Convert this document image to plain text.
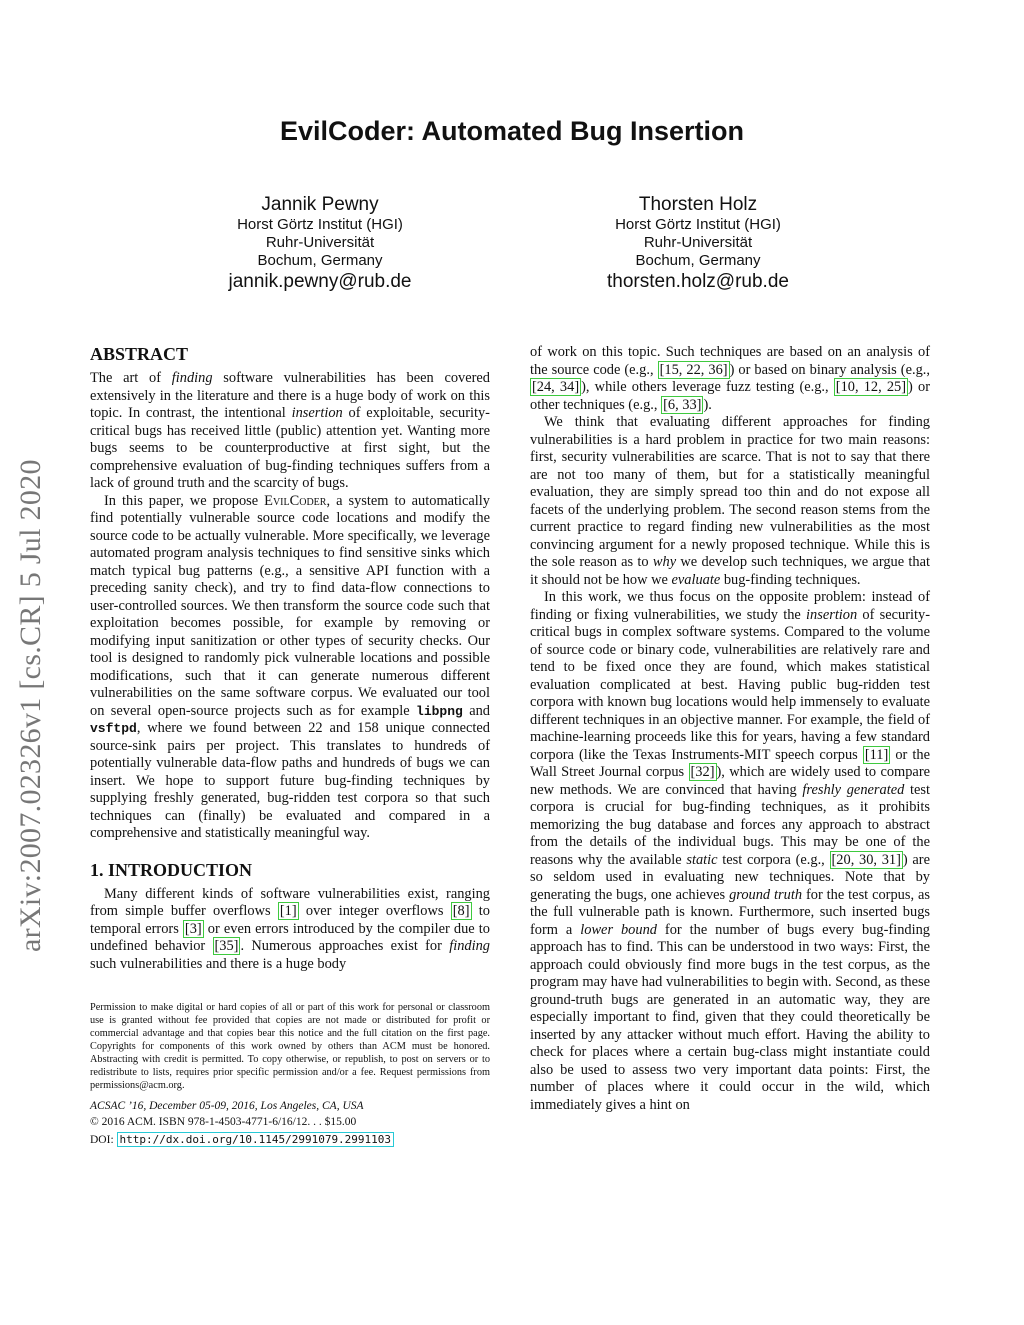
arXiv:2007.02326v1 [cs.CR] 5 Jul 2020
EvilCoder: Automated Bug Insertion
Jannik Pewny
Horst Görtz Institut (HGI)
Ruhr-Universität
Bochum, Germany
jannik.pewny@rub.de
Thorsten Holz
Horst Görtz Institut (HGI)
Ruhr-Universität
Bochum, Germany
thorsten.holz@rub.de
ABSTRACT

The art of finding software vulnerabilities has been covered extensively in the literature and there is a huge body of work on this topic. In contrast, the intentional insertion of exploitable, security-critical bugs has received little (public) attention yet. Wanting more bugs seems to be counterproductive at first sight, but the comprehensive evaluation of bug-finding techniques suffers from a lack of ground truth and the scarcity of bugs.

In this paper, we propose EvilCoder, a system to automatically find potentially vulnerable source code locations and modify the source code to be actually vulnerable. More specifically, we leverage automated program analysis techniques to find sensitive sinks which match typical bug patterns (e.g., a sensitive API function with a preceding sanity check), and try to find data-flow connections to user-controlled sources. We then transform the source code such that exploitation becomes possible, for example by removing or modifying input sanitization or other types of security checks. Our tool is designed to randomly pick vulnerable locations and possible modifications, such that it can generate numerous different vulnerabilities on the same software corpus. We evaluated our tool on several open-source projects such as for example libpng and vsftpd, where we found between 22 and 158 unique connected source-sink pairs per project. This translates to hundreds of potentially vulnerable data-flow paths and hundreds of bugs we can insert. We hope to support future bug-finding techniques by supplying freshly generated, bug-ridden test corpora so that such techniques can (finally) be evaluated and compared in a comprehensive and statistically meaningful way.

1. INTRODUCTION

Many different kinds of software vulnerabilities exist, ranging from simple buffer overflows [1] over integer overflows [8] to temporal errors [3] or even errors introduced by the compiler due to undefined behavior [35] . Numerous approaches exist for finding such vulnerabilities and there is a huge body

Permission to make digital or hard copies of all or part of this work for personal or classroom use is granted without fee provided that copies are not made or distributed for profit or commercial advantage and that copies bear this notice and the full citation on the first page. Copyrights for components of this work owned by others than ACM must be honored. Abstracting with credit is permitted. To copy otherwise, or republish, to post on servers or to redistribute to lists, requires prior specific permission and/or a fee. Request permissions from permissions@acm.org.

ACSAC ’16, December 05-09, 2016, Los Angeles, CA, USA

© 2016 ACM. ISBN 978-1-4503-4771-6/16/12. . . $15.00

DOI: http://dx.doi.org/10.1145/2991079.2991103

of work on this topic. Such techniques are based on an analysis of the source code (e.g., [15, 22, 36] ) or based on binary analysis (e.g., [24, 34] ), while others leverage fuzz testing (e.g., [10, 12, 25] ) or other techniques (e.g., [6, 33] ).

We think that evaluating different approaches for finding vulnerabilities is a hard problem in practice for two main reasons: first, security vulnerabilities are scarce. That is not to say that there are not too many of them, but for a statistically meaningful evaluation, they are simply spread too thin and do not expose all facets of the underlying problem. The second reason stems from the current practice to regard finding new vulnerabilities as the most convincing argument for a newly proposed technique. While this is the sole reason as to why we develop such techniques, we argue that it should not be how we evaluate bug-finding techniques.

In this work, we thus focus on the opposite problem: instead of finding or fixing vulnerabilities, we study the insertion of security-critical bugs in complex software systems. Compared to the volume of source code or binary code, vulnerabilities are relatively rare and tend to be fixed once they are found, which makes statistical evaluation complicated at best. Having public bug-ridden test corpora with known bug locations would help immensely to evaluate different techniques in an objective manner. For example, the field of machine-learning proceeds like this for years, having a few standard corpora (like the Texas Instruments-MIT speech corpus [11] or the Wall Street Journal corpus [32] ), which are widely used to compare new methods. We are convinced that having freshly generated test corpora is crucial for bug-finding techniques, as it prohibits memorizing the bug database and forces any approach to abstract from the details of the individual bugs. This may be one of the reasons why the available static test corpora (e.g., [20, 30, 31] ) are so seldom used in evaluating new techniques. Note that by generating the bugs, one achieves ground truth for the test corpus, as the full vulnerable path is known. Furthermore, such inserted bugs form a lower bound for the number of bugs every bug-finding approach has to find. This can be understood in two ways: First, the approach could obviously find more bugs in the test corpus, as the program may have had vulnerabilities to begin with. Second, as these ground-truth bugs are generated in an automatic way, they are especially important to find, given that they could theoretically be inserted by any attacker without much effort. Having the ability to check for places where a certain bug-class might instantiate could also be used to assess two very important data points: First, the number of places where it could occur in the wild, which immediately gives a hint on
